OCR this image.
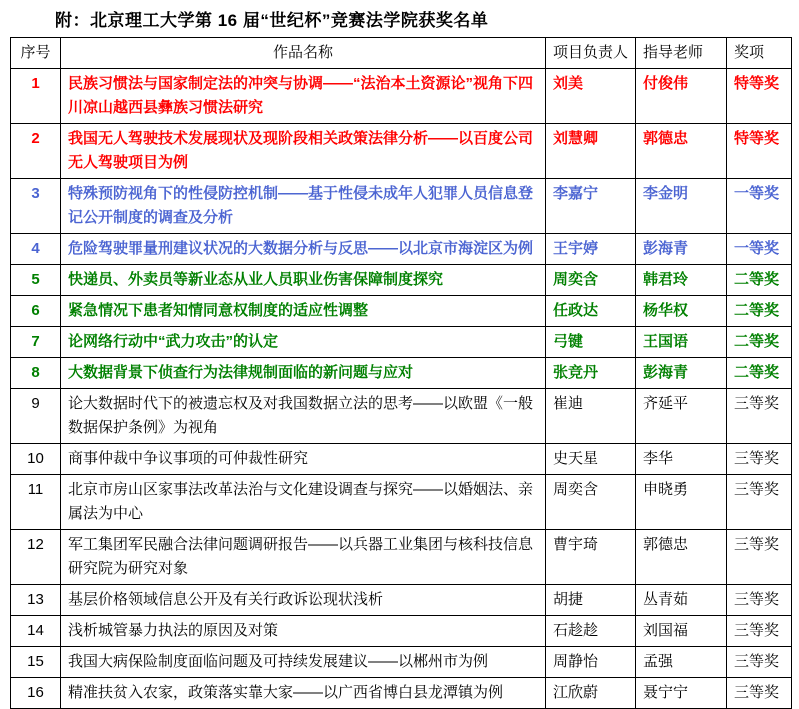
附：北京理工大学第 16 届“世纪杯”竞赛法学院获奖名单
序号	作品名称	项目负责人	指导老师	奖项
1	民族习惯法与国家制定法的冲突与协调——“法治本土资源论”视角下四川凉山越西县彝族习惯法研究	刘美	付俊伟	特等奖
2	我国无人驾驶技术发展现状及现阶段相关政策法律分析——以百度公司无人驾驶项目为例	刘慧卿	郭德忠	特等奖
3	特殊预防视角下的性侵防控机制——基于性侵未成年人犯罪人员信息登记公开制度的调查及分析	李嘉宁	李金明	一等奖
4	危险驾驶罪量刑建议状况的大数据分析与反思——以北京市海淀区为例	王宇婷	彭海青	一等奖
5	快递员、外卖员等新业态从业人员职业伤害保障制度探究	周奕含	韩君玲	二等奖
6	紧急情况下患者知情同意权制度的适应性调整	任政达	杨华权	二等奖
7	论网络行动中“武力攻击”的认定	弓键	王国语	二等奖
8	大数据背景下侦查行为法律规制面临的新问题与应对	张竞丹	彭海青	二等奖
9	论大数据时代下的被遗忘权及对我国数据立法的思考——以欧盟《一般数据保护条例》为视角	崔迪	齐延平	三等奖
10	商事仲裁中争议事项的可仲裁性研究	史天星	李华	三等奖
11	北京市房山区家事法改革法治与文化建设调查与探究——以婚姻法、亲属法为中心	周奕含	申晓勇	三等奖
12	军工集团军民融合法律问题调研报告——以兵器工业集团与核科技信息研究院为研究对象	曹宇琦	郭德忠	三等奖
13	基层价格领域信息公开及有关行政诉讼现状浅析	胡捷	丛青茹	三等奖
14	浅析城管暴力执法的原因及对策	石趁趁	刘国福	三等奖
15	我国大病保险制度面临问题及可持续发展建议——以郴州市为例	周静怡	孟强	三等奖
16	精准扶贫入农家，政策落实靠大家——以广西省博白县龙潭镇为例	江欣蔚	聂宁宁	三等奖
